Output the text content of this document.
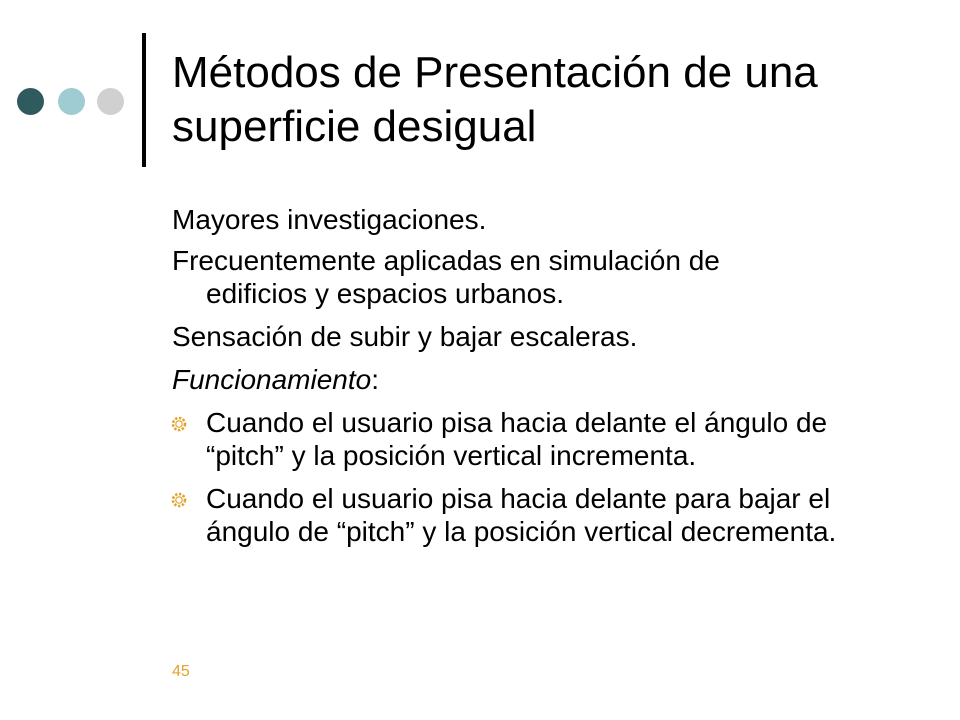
Métodos de Presentación de una superficie desigual

Mayores investigaciones.

Frecuentemente aplicadas en simulación de
edificios y espacios urbanos.

Sensación de subir y bajar escaleras.

Funcionamiento:

Cuando el usuario pisa hacia delante el ángulo de “pitch” y la posición vertical incrementa.
Cuando el usuario pisa hacia delante para bajar el ángulo de “pitch” y la posición vertical decrementa.
45
